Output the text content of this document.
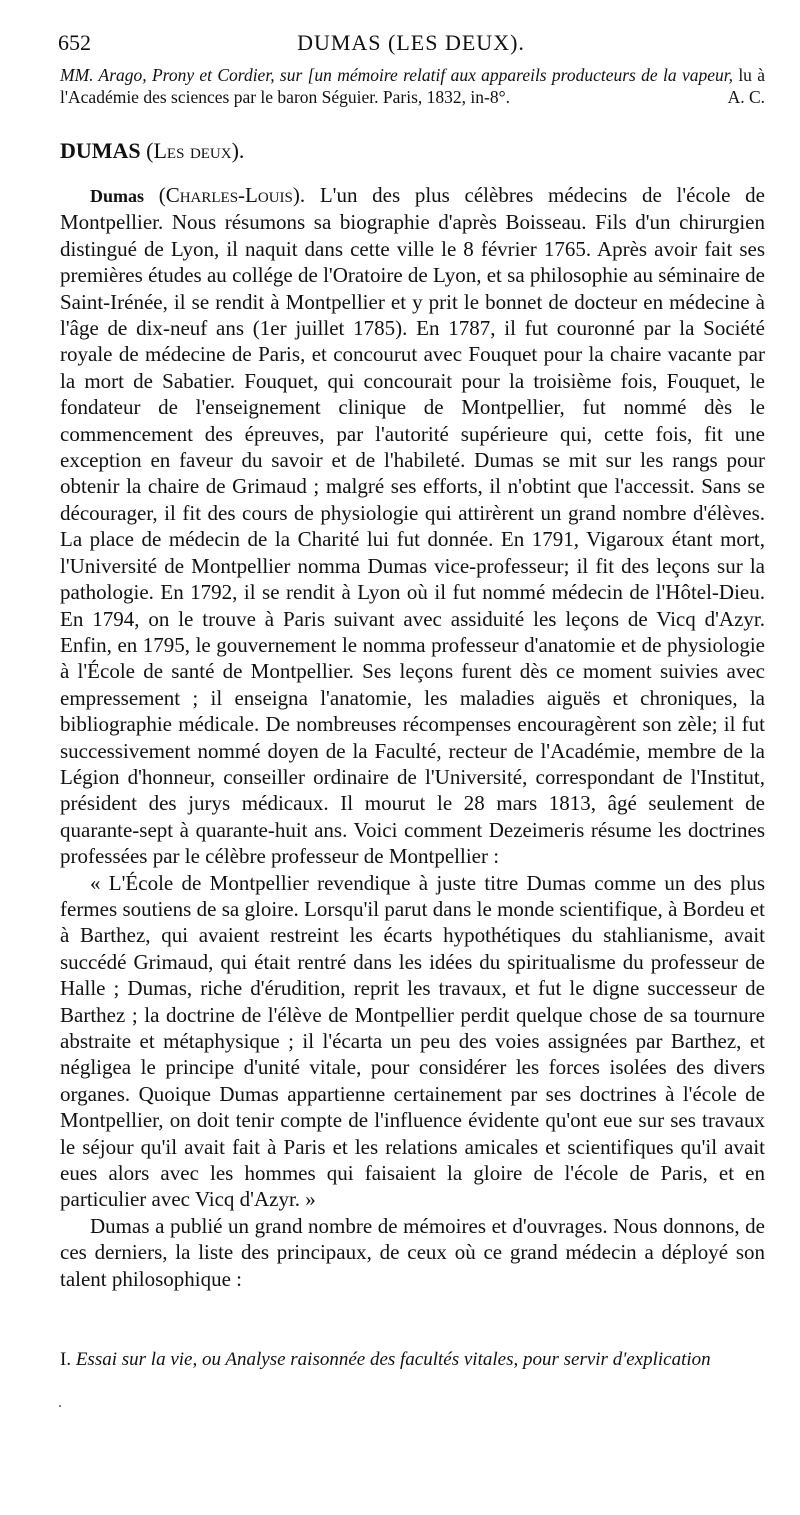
652	DUMAS (LES DEUX).
MM. Arago, Prony et Cordier, sur [un mémoire relatif aux appareils producteurs de la vapeur, lu à l'Académie des sciences par le baron Séguier. Paris, 1832, in-8°.	A. C.
DUMAS (Les deux).

Dumas (Charles-Louis). L'un des plus célèbres médecins de l'école de Montpellier. Nous résumons sa biographie d'après Boisseau. Fils d'un chirurgien distingué de Lyon, il naquit dans cette ville le 8 février 1765. Après avoir fait ses premières études au collége de l'Oratoire de Lyon, et sa philosophie au séminaire de Saint-Irénée, il se rendit à Montpellier et y prit le bonnet de docteur en médecine à l'âge de dix-neuf ans (1er juillet 1785). En 1787, il fut couronné par la Société royale de médecine de Paris, et concourut avec Fouquet pour la chaire vacante par la mort de Sabatier. Fouquet, qui concourait pour la troisième fois, Fouquet, le fondateur de l'enseignement clinique de Montpellier, fut nommé dès le commencement des épreuves, par l'autorité supérieure qui, cette fois, fit une exception en faveur du savoir et de l'habileté. Dumas se mit sur les rangs pour obtenir la chaire de Grimaud ; malgré ses efforts, il n'obtint que l'accessit. Sans se décourager, il fit des cours de physiologie qui attirèrent un grand nombre d'élèves. La place de médecin de la Charité lui fut donnée. En 1791, Vigaroux étant mort, l'Université de Montpellier nomma Dumas vice-professeur; il fit des leçons sur la pathologie. En 1792, il se rendit à Lyon où il fut nommé médecin de l'Hôtel-Dieu. En 1794, on le trouve à Paris suivant avec assiduité les leçons de Vicq d'Azyr. Enfin, en 1795, le gouvernement le nomma professeur d'anatomie et de physiologie à l'École de santé de Montpellier. Ses leçons furent dès ce moment suivies avec empressement ; il enseigna l'anatomie, les maladies aiguës et chroniques, la bibliographie médicale. De nombreuses récompenses encouragèrent son zèle; il fut successivement nommé doyen de la Faculté, recteur de l'Académie, membre de la Légion d'honneur, conseiller ordinaire de l'Université, correspondant de l'Institut, président des jurys médicaux. Il mourut le 28 mars 1813, âgé seulement de quarante-sept à quarante-huit ans. Voici comment Dezeimeris résume les doctrines professées par le célèbre professeur de Montpellier :

« L'École de Montpellier revendique à juste titre Dumas comme un des plus fermes soutiens de sa gloire. Lorsqu'il parut dans le monde scientifique, à Bordeu et à Barthez, qui avaient restreint les écarts hypothétiques du stahlianisme, avait succédé Grimaud, qui était rentré dans les idées du spiritualisme du professeur de Halle ; Dumas, riche d'érudition, reprit les travaux, et fut le digne successeur de Barthez ; la doctrine de l'élève de Montpellier perdit quelque chose de sa tournure abstraite et métaphysique ; il l'écarta un peu des voies assignées par Barthez, et négligea le principe d'unité vitale, pour considérer les forces isolées des divers organes. Quoique Dumas appartienne certainement par ses doctrines à l'école de Montpellier, on doit tenir compte de l'influence évidente qu'ont eue sur ses travaux le séjour qu'il avait fait à Paris et les relations amicales et scientifiques qu'il avait eues alors avec les hommes qui faisaient la gloire de l'école de Paris, et en particulier avec Vicq d'Azyr. »

Dumas a publié un grand nombre de mémoires et d'ouvrages. Nous donnons, de ces derniers, la liste des principaux, de ceux où ce grand médecin a déployé son talent philosophique :

I. Essai sur la vie, ou Analyse raisonnée des facultés vitales, pour servir d'explication
